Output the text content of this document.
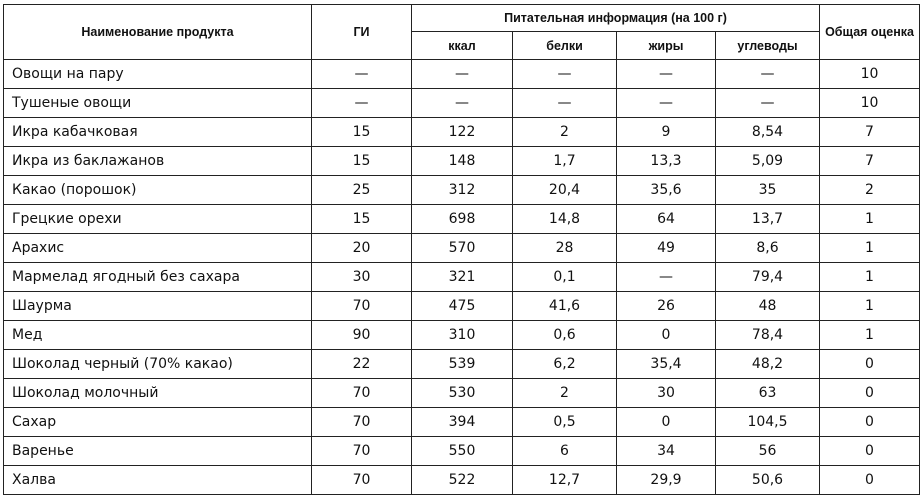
Наименование продукта	ГИ	Питательная информация (на 100 г)				Общая оценка
		ккал	белки	жиры	углеводы	
Овощи на пару	—	—	—	—	—	10
Тушеные овощи	—	—	—	—	—	10
Икра кабачковая	15	122	2	9	8,54	7
Икра из баклажанов	15	148	1,7	13,3	5,09	7
Какао (порошок)	25	312	20,4	35,6	35	2
Грецкие орехи	15	698	14,8	64	13,7	1
Арахис	20	570	28	49	8,6	1
Мармелад ягодный без сахара	30	321	0,1	—	79,4	1
Шаурма	70	475	41,6	26	48	1
Мед	90	310	0,6	0	78,4	1
Шоколад черный (70% какао)	22	539	6,2	35,4	48,2	0
Шоколад молочный	70	530	2	30	63	0
Сахар	70	394	0,5	0	104,5	0
Варенье	70	550	6	34	56	0
Халва	70	522	12,7	29,9	50,6	0
